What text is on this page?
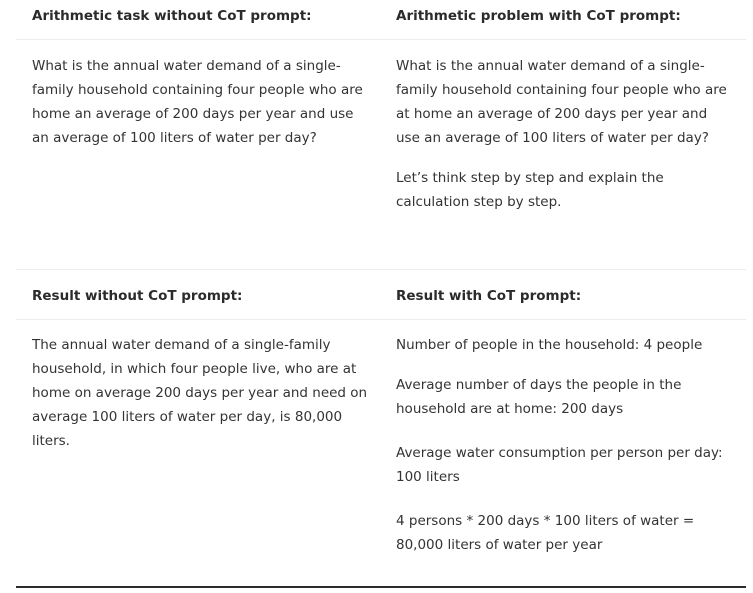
Arithmetic task without CoT prompt:	Arithmetic problem with CoT prompt:

What is the annual water demand of a single-family household containing four people who are home an average of 200 days per year and use an average of 100 liters of water per day?

What is the annual water demand of a single-family household containing four people who are at home an average of 200 days per year and use an average of 100 liters of water per day?

Let’s think step by step and explain the calculation step by step.

Result without CoT prompt:	Result with CoT prompt:

The annual water demand of a single-family household, in which four people live, who are at home on average 200 days per year and need on average 100 liters of water per day, is 80,000 liters.

Number of people in the household: 4 people

Average number of days the people in the household are at home: 200 days

Average water consumption per person per day: 100 liters

4 persons * 200 days * 100 liters of water = 80,000 liters of water per year
